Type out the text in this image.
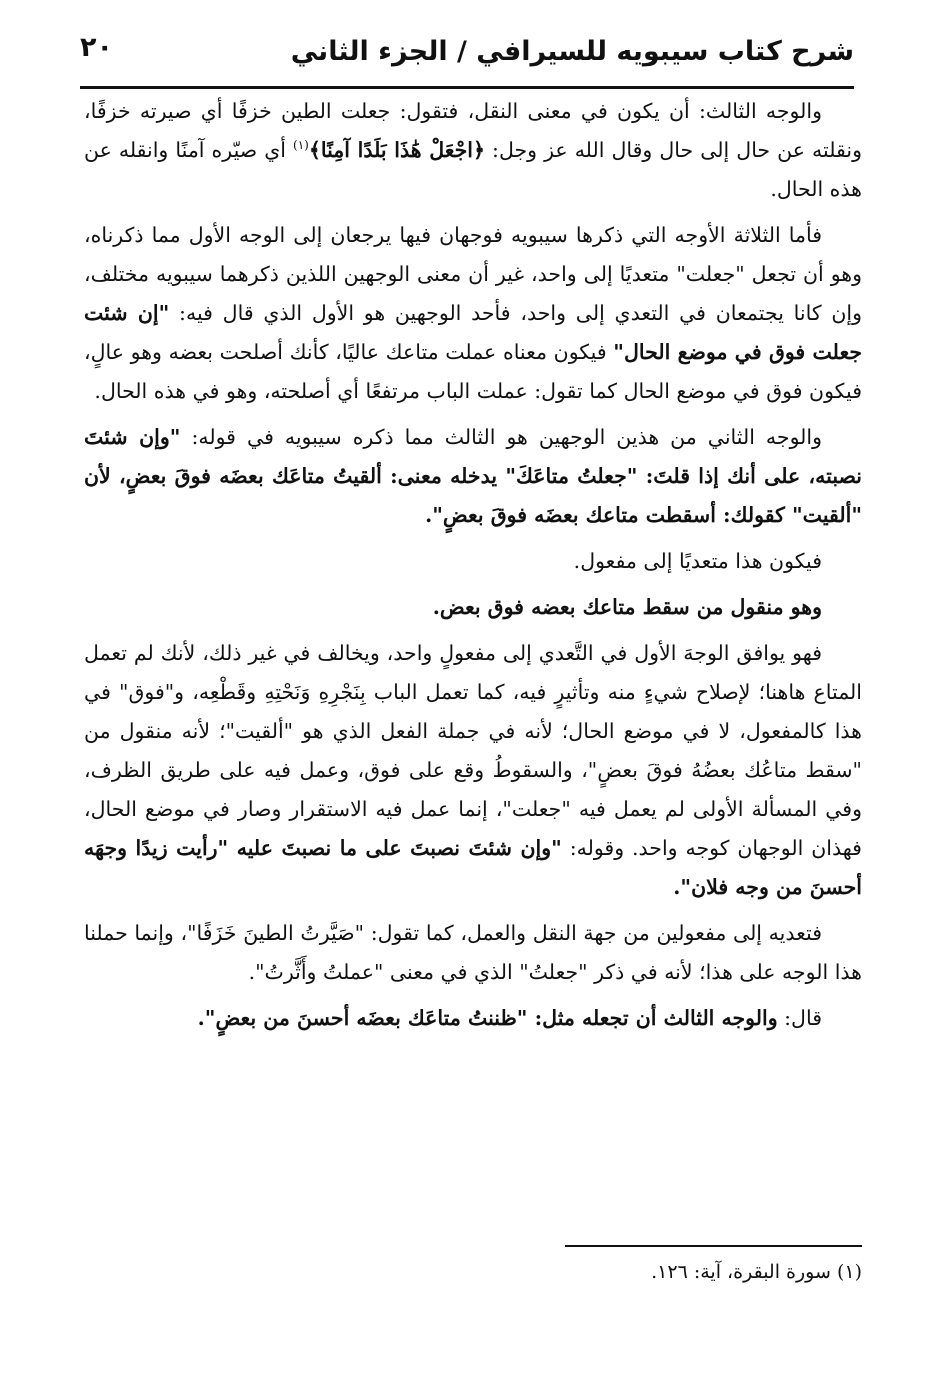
شرح كتاب سيبويه للسيرافي / الجزء الثاني
٢٠

والوجه الثالث: أن يكون في معنى النقل، فتقول: جعلت الطين خزفًا أي صيرته خزفًا، ونقلته عن حال إلى حال وقال الله عز وجل: ﴿اجْعَلْ هَٰذَا بَلَدًا آمِنًا﴾$^{(١)}$ أي صيّره آمنًا وانقله عن هذه الحال.

فأما الثلاثة الأوجه التي ذكرها سيبويه فوجهان فيها يرجعان إلى الوجه الأول مما ذكرناه، وهو أن تجعل "جعلت" متعديًا إلى واحد، غير أن معنى الوجهين اللذين ذكرهما سيبويه مختلف، وإن كانا يجتمعان في التعدي إلى واحد، فأحد الوجهين هو الأول الذي قال فيه: "إن شئت جعلت فوق في موضع الحال" فيكون معناه عملت متاعك عاليًا، كأنك أصلحت بعضه وهو عالٍ، فيكون فوق في موضع الحال كما تقول: عملت الباب مرتفعًا أي أصلحته، وهو في هذه الحال.

والوجه الثاني من هذين الوجهين هو الثالث مما ذكره سيبويه في قوله: "وإن شئتَ نصبته، على أنك إذا قلتَ: "جعلتُ متاعَكَ" يدخله معنى: ألقيتُ متاعَك بعضَه فوقَ بعضٍ، لأن "ألقيت" كقولك: أسقطت متاعك بعضَه فوقَ بعضٍ".

فيكون هذا متعديًا إلى مفعول.

وهو منقول من سقط متاعك بعضه فوق بعض.

فهو يوافق الوجهَ الأول في التَّعدي إلى مفعولٍ واحد، ويخالف في غير ذلك، لأنك لم تعمل المتاع هاهنا؛ لإصلاح شيءٍ منه وتأثيرٍ فيه، كما تعمل الباب بِنَجْرِهِ وَنَحْتِهِ وقَطْعِه، و"فوق" في هذا كالمفعول، لا في موضع الحال؛ لأنه في جملة الفعل الذي هو "ألقيت"؛ لأنه منقول من "سقط متاعُك بعضُهُ فوقَ بعضٍ"، والسقوطُ وقع على فوق، وعمل فيه على طريق الظرف، وفي المسألة الأولى لم يعمل فيه "جعلت"، إنما عمل فيه الاستقرار وصار في موضع الحال، فهذان الوجهان كوجه واحد. وقوله: "وإن شئتَ نصبتَ على ما نصبتَ عليه "رأيت زيدًا وجهَه أحسنَ من وجه فلان".

فتعديه إلى مفعولين من جهة النقل والعمل، كما تقول: "صَيَّرتُ الطينَ خَزَفًا"، وإنما حملنا هذا الوجه على هذا؛ لأنه في ذكر "جعلتُ" الذي في معنى "عملتُ وأَثَّرتُ".

قال: والوجه الثالث أن تجعله مثل: "ظننتُ متاعَك بعضَه أحسنَ من بعضٍ".

(١) سورة البقرة، آية: ١٢٦.
